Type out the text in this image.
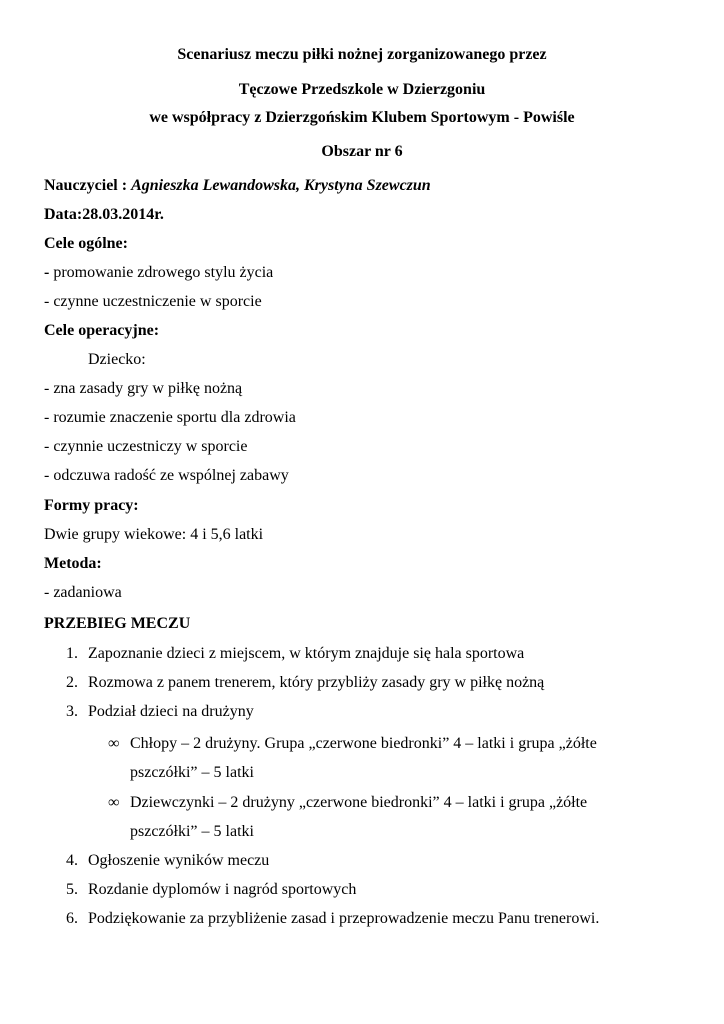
Scenariusz meczu piłki nożnej zorganizowanego przez
Tęczowe Przedszkole w Dzierzgoniu
we współpracy z Dzierzgońskim Klubem Sportowym - Powiśle
Obszar nr 6
Nauczyciel : Agnieszka Lewandowska, Krystyna Szewczun
Data:28.03.2014r.
Cele ogólne:
- promowanie zdrowego stylu życia
- czynne uczestniczenie w sporcie
Cele operacyjne:
Dziecko:
- zna zasady gry w piłkę nożną
- rozumie znaczenie sportu dla zdrowia
- czynnie uczestniczy w sporcie
- odczuwa radość ze wspólnej zabawy
Formy pracy:
Dwie grupy wiekowe: 4 i 5,6 latki
Metoda:
- zadaniowa
PRZEBIEG MECZU
1. Zapoznanie dzieci z miejscem, w którym znajduje się hala sportowa
2. Rozmowa z panem trenerem, który przybliży zasady gry w piłkę nożną
3. Podział dzieci na drużyny
∞ Chłopy – 2 drużyny. Grupa „czerwone biedronki” 4 – latki i grupa „żółte
pszczółki” – 5 latki
∞ Dziewczynki – 2 drużyny „czerwone biedronki” 4 – latki i grupa „żółte
pszczółki” – 5 latki
4. Ogłoszenie wyników meczu
5. Rozdanie dyplomów i nagród sportowych
6. Podziękowanie za przybliżenie zasad i przeprowadzenie meczu Panu trenerowi.
